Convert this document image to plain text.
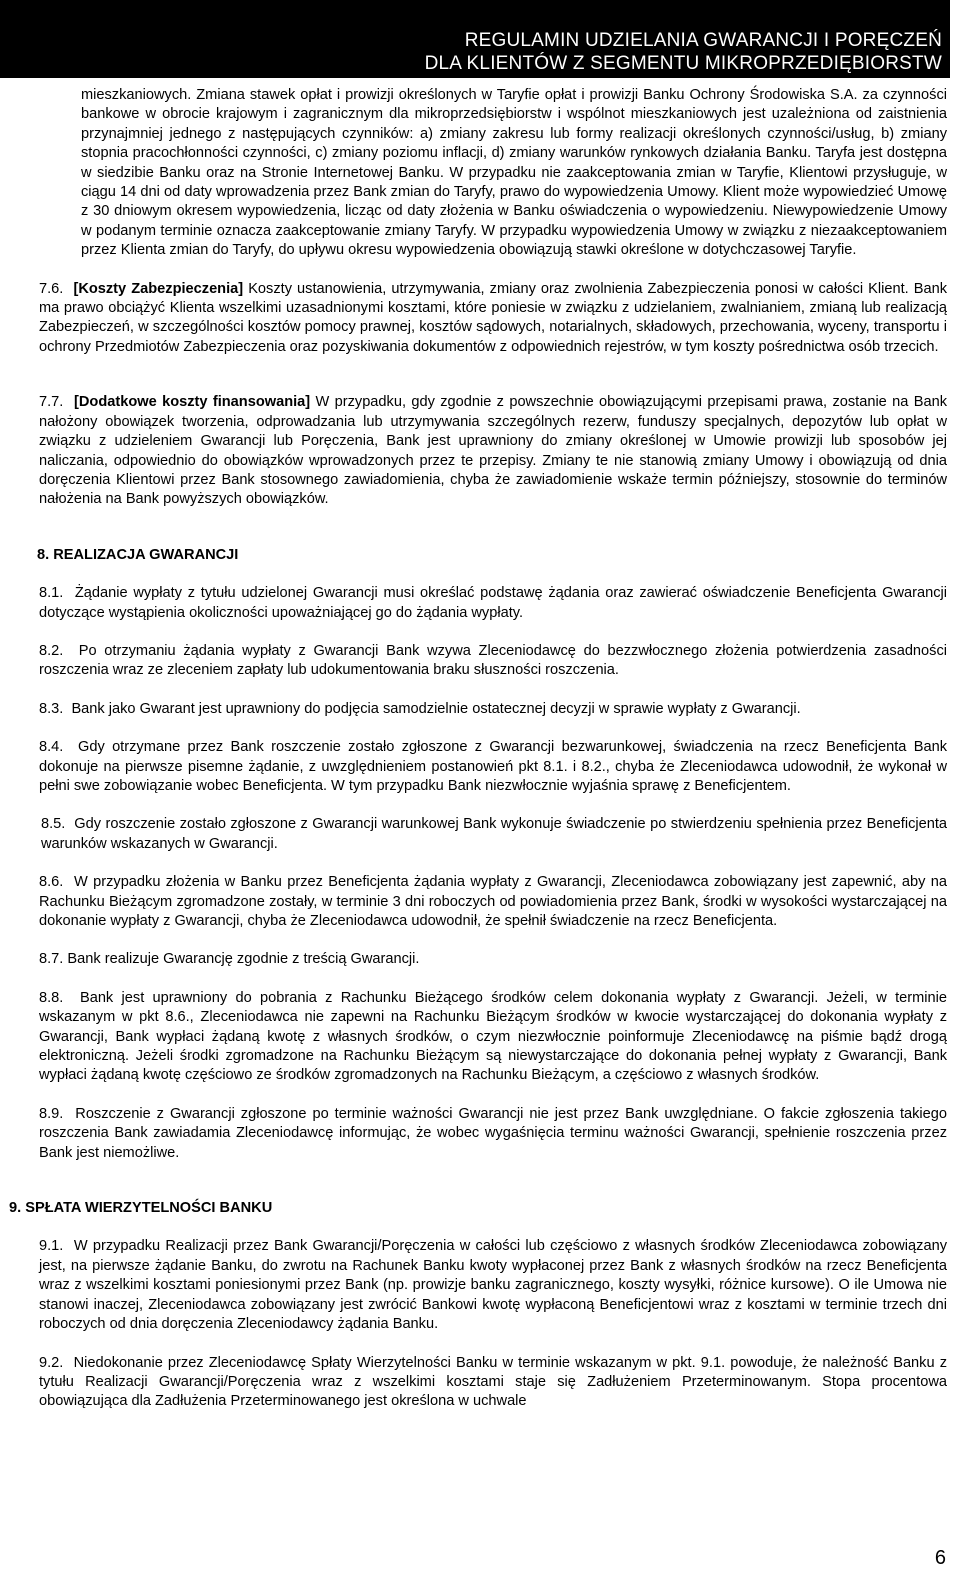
REGULAMIN UDZIELANIA GWARANCJI I PORĘCZEŃ
DLA KLIENTÓW Z SEGMENTU MIKROPRZEDIĘBIORSTW

mieszkaniowych. Zmiana stawek opłat i prowizji określonych w Taryfie opłat i prowizji Banku Ochrony Środowiska S.A. za czynności bankowe w obrocie krajowym i zagranicznym dla mikroprzedsiębiorstw i wspólnot mieszkaniowych jest uzależniona od zaistnienia przynajmniej jednego z następujących czynników: a) zmiany zakresu lub formy realizacji określonych czynności/usług, b) zmiany stopnia pracochłonności czynności, c) zmiany poziomu inflacji, d) zmiany warunków rynkowych działania Banku. Taryfa jest dostępna w siedzibie Banku oraz na Stronie Internetowej Banku. W przypadku nie zaakceptowania zmian w Taryfie, Klientowi przysługuje, w ciągu 14 dni od daty wprowadzenia przez Bank zmian do Taryfy, prawo do wypowiedzenia Umowy. Klient może wypowiedzieć Umowę z 30 dniowym okresem wypowiedzenia, licząc od daty złożenia w Banku oświadczenia o wypowiedzeniu. Niewypowiedzenie Umowy w podanym terminie oznacza zaakceptowanie zmiany Taryfy. W przypadku wypowiedzenia Umowy w związku z niezaakceptowaniem przez Klienta zmian do Taryfy, do upływu okresu wypowiedzenia obowiązują stawki określone w dotychczasowej Taryfie.

7.6. [Koszty Zabezpieczenia] Koszty ustanowienia, utrzymywania, zmiany oraz zwolnienia Zabezpieczenia ponosi w całości Klient. Bank ma prawo obciążyć Klienta wszelkimi uzasadnionymi kosztami, które poniesie w związku z udzielaniem, zwalnianiem, zmianą lub realizacją Zabezpieczeń, w szczególności kosztów pomocy prawnej, kosztów sądowych, notarialnych, składowych, przechowania, wyceny, transportu i ochrony Przedmiotów Zabezpieczenia oraz pozyskiwania dokumentów z odpowiednich rejestrów, w tym koszty pośrednictwa osób trzecich.

7.7. [Dodatkowe koszty finansowania] W przypadku, gdy zgodnie z powszechnie obowiązującymi przepisami prawa, zostanie na Bank nałożony obowiązek tworzenia, odprowadzania lub utrzymywania szczególnych rezerw, funduszy specjalnych, depozytów lub opłat w związku z udzieleniem Gwarancji lub Poręczenia, Bank jest uprawniony do zmiany określonej w Umowie prowizji lub sposobów jej naliczania, odpowiednio do obowiązków wprowadzonych przez te przepisy. Zmiany te nie stanowią zmiany Umowy i obowiązują od dnia doręczenia Klientowi przez Bank stosownego zawiadomienia, chyba że zawiadomienie wskaże termin późniejszy, stosownie do terminów nałożenia na Bank powyższych obowiązków.

8. REALIZACJA GWARANCJI

8.1. Żądanie wypłaty z tytułu udzielonej Gwarancji musi określać podstawę żądania oraz zawierać oświadczenie Beneficjenta Gwarancji dotyczące wystąpienia okoliczności upoważniającej go do żądania wypłaty.

8.2. Po otrzymaniu żądania wypłaty z Gwarancji Bank wzywa Zleceniodawcę do bezzwłocznego złożenia potwierdzenia zasadności roszczenia wraz ze zleceniem zapłaty lub udokumentowania braku słuszności roszczenia.

8.3. Bank jako Gwarant jest uprawniony do podjęcia samodzielnie ostatecznej decyzji w sprawie wypłaty z Gwarancji.

8.4. Gdy otrzymane przez Bank roszczenie zostało zgłoszone z Gwarancji bezwarunkowej, świadczenia na rzecz Beneficjenta Bank dokonuje na pierwsze pisemne żądanie, z uwzględnieniem postanowień pkt 8.1. i 8.2., chyba że Zleceniodawca udowodnił, że wykonał w pełni swe zobowiązanie wobec Beneficjenta. W tym przypadku Bank niezwłocznie wyjaśnia sprawę z Beneficjentem.

8.5. Gdy roszczenie zostało zgłoszone z Gwarancji warunkowej Bank wykonuje świadczenie po stwierdzeniu spełnienia przez Beneficjenta warunków wskazanych w Gwarancji.

8.6. W przypadku złożenia w Banku przez Beneficjenta żądania wypłaty z Gwarancji, Zleceniodawca zobowiązany jest zapewnić, aby na Rachunku Bieżącym zgromadzone zostały, w terminie 3 dni roboczych od powiadomienia przez Bank, środki w wysokości wystarczającej na dokonanie wypłaty z Gwarancji, chyba że Zleceniodawca udowodnił, że spełnił świadczenie na rzecz Beneficjenta.

8.7. Bank realizuje Gwarancję zgodnie z treścią Gwarancji.

8.8. Bank jest uprawniony do pobrania z Rachunku Bieżącego środków celem dokonania wypłaty z Gwarancji. Jeżeli, w terminie wskazanym w pkt 8.6., Zleceniodawca nie zapewni na Rachunku Bieżącym środków w kwocie wystarczającej do dokonania wypłaty z Gwarancji, Bank wypłaci żądaną kwotę z własnych środków, o czym niezwłocznie poinformuje Zleceniodawcę na piśmie bądź drogą elektroniczną. Jeżeli środki zgromadzone na Rachunku Bieżącym są niewystarczające do dokonania pełnej wypłaty z Gwarancji, Bank wypłaci żądaną kwotę częściowo ze środków zgromadzonych na Rachunku Bieżącym, a częściowo z własnych środków.

8.9. Roszczenie z Gwarancji zgłoszone po terminie ważności Gwarancji nie jest przez Bank uwzględniane. O fakcie zgłoszenia takiego roszczenia Bank zawiadamia Zleceniodawcę informując, że wobec wygaśnięcia terminu ważności Gwarancji, spełnienie roszczenia przez Bank jest niemożliwe.

9. SPŁATA WIERZYTELNOŚCI BANKU

9.1. W przypadku Realizacji przez Bank Gwarancji/Poręczenia w całości lub częściowo z własnych środków Zleceniodawca zobowiązany jest, na pierwsze żądanie Banku, do zwrotu na Rachunek Banku kwoty wypłaconej przez Bank z własnych środków na rzecz Beneficjenta wraz z wszelkimi kosztami poniesionymi przez Bank (np. prowizje banku zagranicznego, koszty wysyłki, różnice kursowe). O ile Umowa nie stanowi inaczej, Zleceniodawca zobowiązany jest zwrócić Bankowi kwotę wypłaconą Beneficjentowi wraz z kosztami w terminie trzech dni roboczych od dnia doręczenia Zleceniodawcy żądania Banku.

9.2. Niedokonanie przez Zleceniodawcę Spłaty Wierzytelności Banku w terminie wskazanym w pkt. 9.1. powoduje, że należność Banku z tytułu Realizacji Gwarancji/Poręczenia wraz z wszelkimi kosztami staje się Zadłużeniem Przeterminowanym. Stopa procentowa obowiązująca dla Zadłużenia Przeterminowanego jest określona w uchwale

6
